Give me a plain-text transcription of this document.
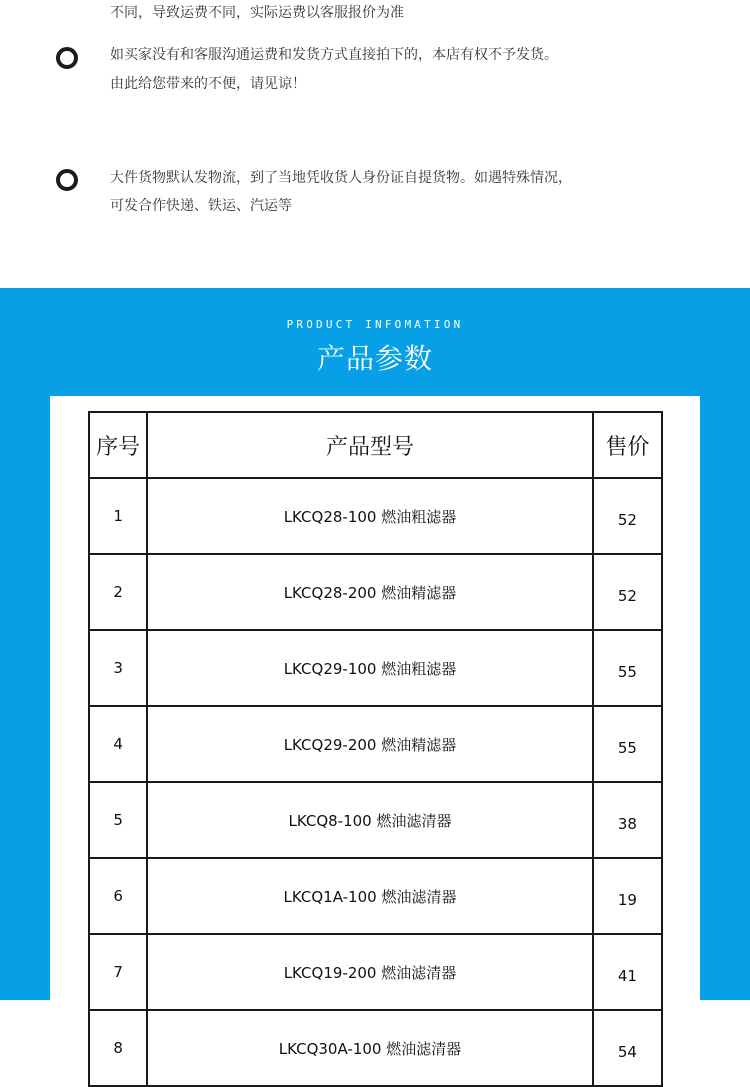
不同，导致运费不同，实际运费以客服报价为准
如买家没有和客服沟通运费和发货方式直接拍下的，本店有权不予发货。
由此给您带来的不便，请见谅！
大件货物默认发物流，到了当地凭收货人身份证自提货物。如遇特殊情况，
可发合作快递、铁运、汽运等
PRODUCT INFOMATION
产品参数
序号	产品型号	售价
1	LKCQ28-100 燃油粗滤器	52
2	LKCQ28-200 燃油精滤器	52
3	LKCQ29-100 燃油粗滤器	55
4	LKCQ29-200 燃油精滤器	55
5	LKCQ8-100 燃油滤清器	38
6	LKCQ1A-100 燃油滤清器	19
7	LKCQ19-200 燃油滤清器	41
8	LKCQ30A-100 燃油滤清器	54
